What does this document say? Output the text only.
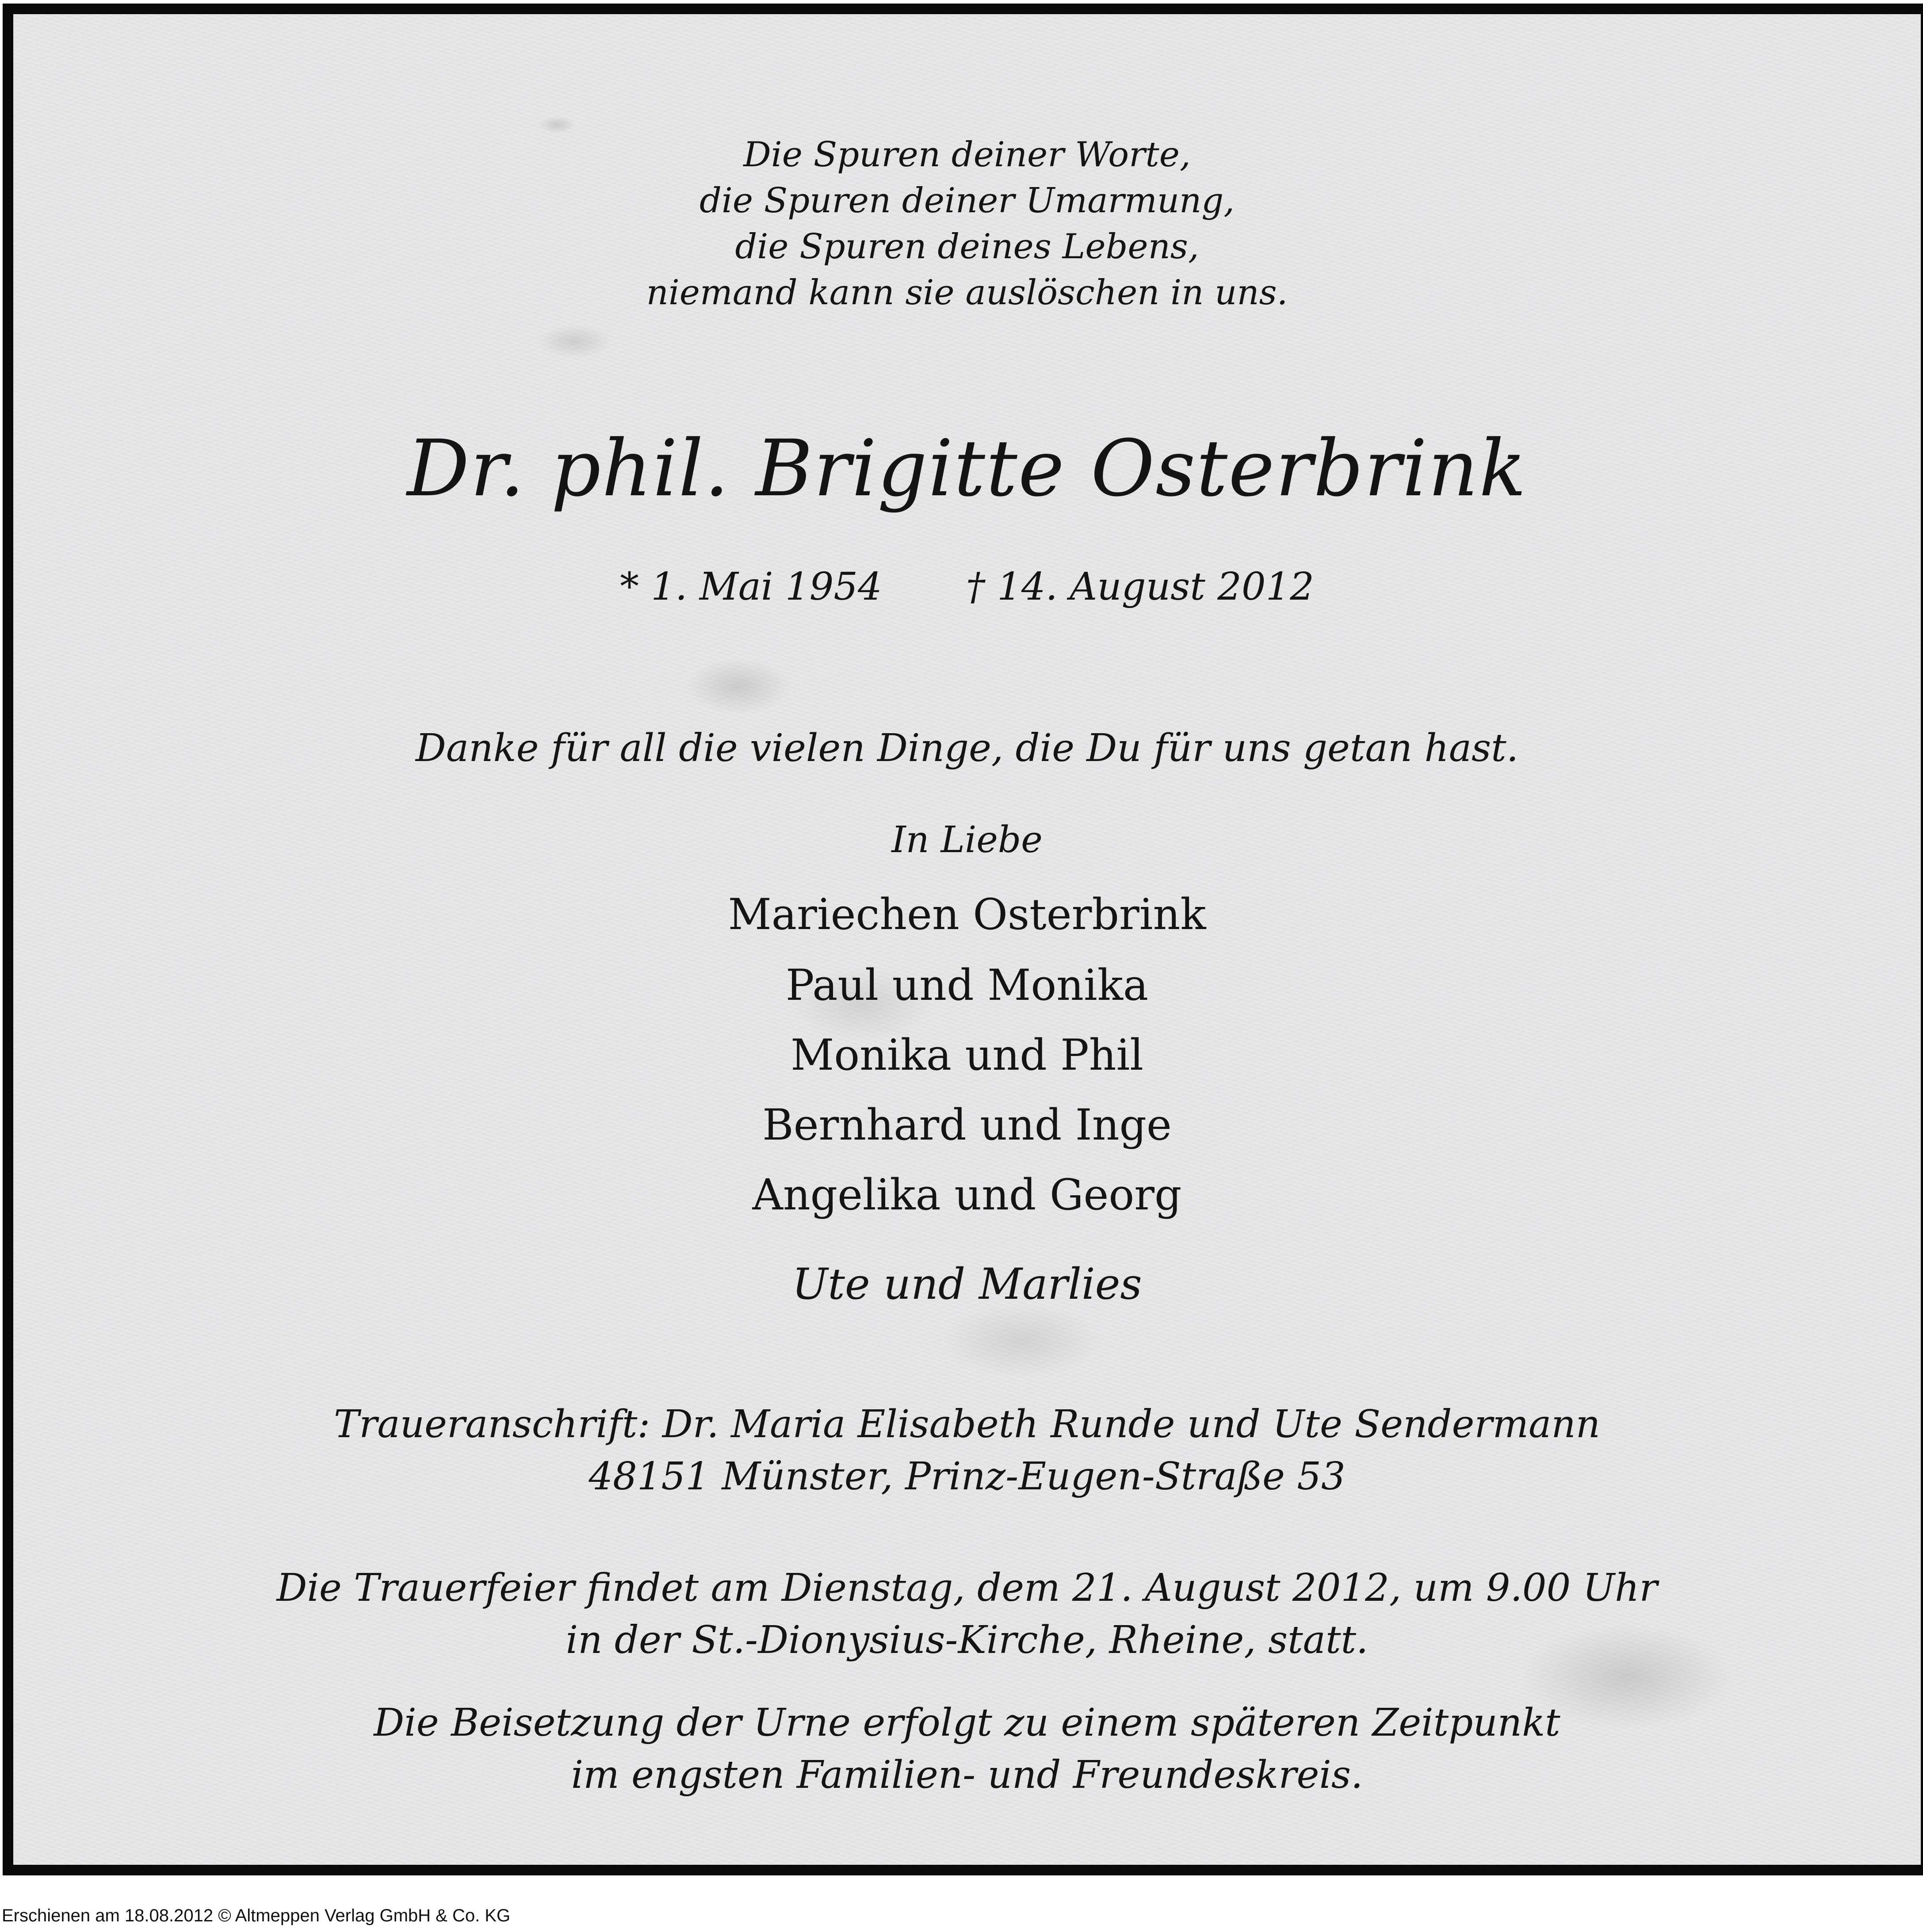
Die Spuren deiner Worte,

die Spuren deiner Umarmung,

die Spuren deines Lebens,

niemand kann sie auslöschen in uns.

Dr. phil. Brigitte Osterbrink

* 1. Mai 1954 † 14. August 2012

Danke für all die vielen Dinge, die Du für uns getan hast.

In Liebe

Mariechen Osterbrink

Paul und Monika

Monika und Phil

Bernhard und Inge

Angelika und Georg

Ute und Marlies

Traueranschrift: Dr. Maria Elisabeth Runde und Ute Sendermann

48151 Münster, Prinz-Eugen-Straße 53

Die Trauerfeier findet am Dienstag, dem 21. August 2012, um 9.00 Uhr

in der St.-Dionysius-Kirche, Rheine, statt.

Die Beisetzung der Urne erfolgt zu einem späteren Zeitpunkt

im engsten Familien- und Freundeskreis.

Erschienen am 18.08.2012 © Altmeppen Verlag GmbH & Co. KG
